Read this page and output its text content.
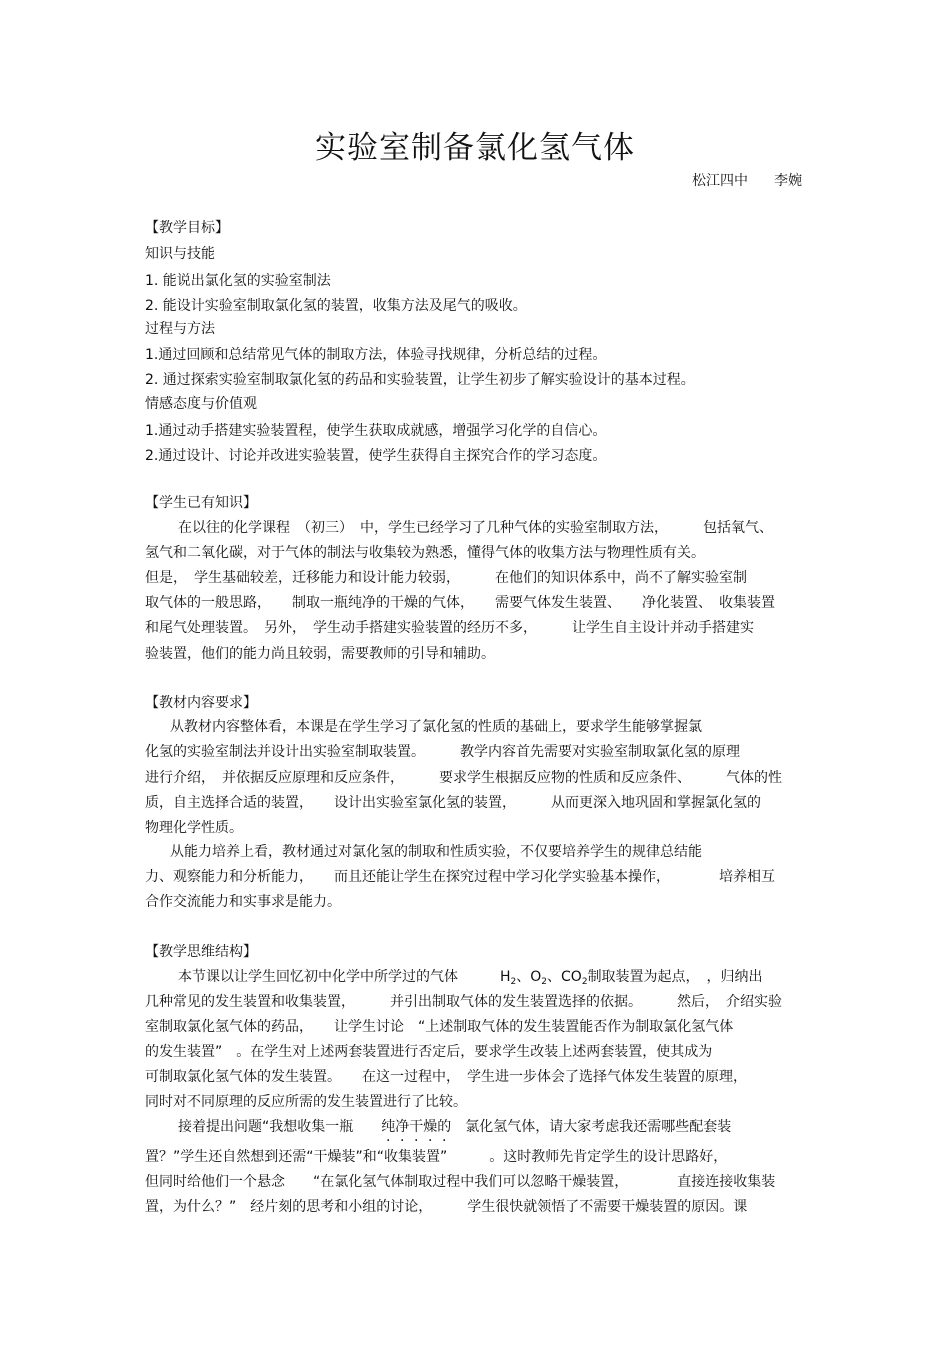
实验室制备氯化氢气体
松江四中 李婉
【教学目标】
知识与技能
1. 能说出氯化氢的实验室制法
2. 能设计实验室制取氯化氢的装置，收集方法及尾气的吸收。
过程与方法
1.通过回顾和总结常见气体的制取方法，体验寻找规律，分析总结的过程。
2. 通过探索实验室制取氯化氢的药品和实验装置，让学生初步了解实验设计的基本过程。
情感态度与价值观
1.通过动手搭建实验装置程，使学生获取成就感，增强学习化学的自信心。
2.通过设计、讨论并改进实验装置，使学生获得自主探究合作的学习态度。
【学生已有知识】
在以往的化学课程　（初三）　中，学生已经学习了几种气体的实验室制取方法，　　　包括氧气、
氢气和二氧化碳，对于气体的制法与收集较为熟悉，懂得气体的收集方法与物理性质有关。
但是，　学生基础较差，迁移能力和设计能力较弱，　　　在他们的知识体系中，尚不了解实验室制
取气体的一般思路，　　制取一瓶纯净的干燥的气体，　　需要气体发生装置、　　净化装置、　收集装置
和尾气处理装置。　另外，　学生动手搭建实验装置的经历不多，　　　让学生自主设计并动手搭建实
验装置，他们的能力尚且较弱，需要教师的引导和辅助。
【教材内容要求】
从教材内容整体看，本课是在学生学习了氯化氢的性质的基础上，要求学生能够掌握氯
化氢的实验室制法并设计出实验室制取装置。　　　教学内容首先需要对实验室制取氯化氢的原理
进行介绍，　并依据反应原理和反应条件，　　　要求学生根据反应物的性质和反应条件、　　　气体的性
质，自主选择合适的装置，　　设计出实验室氯化氢的装置，　　　从而更深入地巩固和掌握氯化氢的
物理化学性质。
从能力培养上看，教材通过对氯化氢的制取和性质实验，不仅要培养学生的规律总结能
力、观察能力和分析能力，　　而且还能让学生在探究过程中学习化学实验基本操作，　　　　培养相互
合作交流能力和实事求是能力。
【教学思维结构】
本节课以让学生回忆初中化学中所学过的气体　　　$H_2$、$O_2$、$CO_2$制取装置为起点，　，归纳出
几种常见的发生装置和收集装置，　　　并引出制取气体的发生装置选择的依据。　　　然后，　介绍实验
室制取氯化氢气体的药品，　　让学生讨论　“上述制取气体的发生装置能否作为制取氯化氢气体
的发生装置”　。在学生对上述两套装置进行否定后，要求学生改装上述两套装置，使其成为
可制取氯化氢气体的发生装置。　　在这一过程中，　学生进一步体会了选择气体发生装置的原理，
同时对不同原理的反应所需的发生装置进行了比较。
接着提出问题“我想收集一瓶　　纯净干燥的　氯化氢气体，请大家考虑我还需哪些配套装
置？”学生还自然想到还需“干燥装”和“收集装置”　　　。这时教师先肯定学生的设计思路好，
但同时给他们一个悬念　　“在氯化氢气体制取过程中我们可以忽略干燥装置，　　　　直接连接收集装
置，为什么？”　经片刻的思考和小组的讨论，　　　学生很快就领悟了不需要干燥装置的原因。课
